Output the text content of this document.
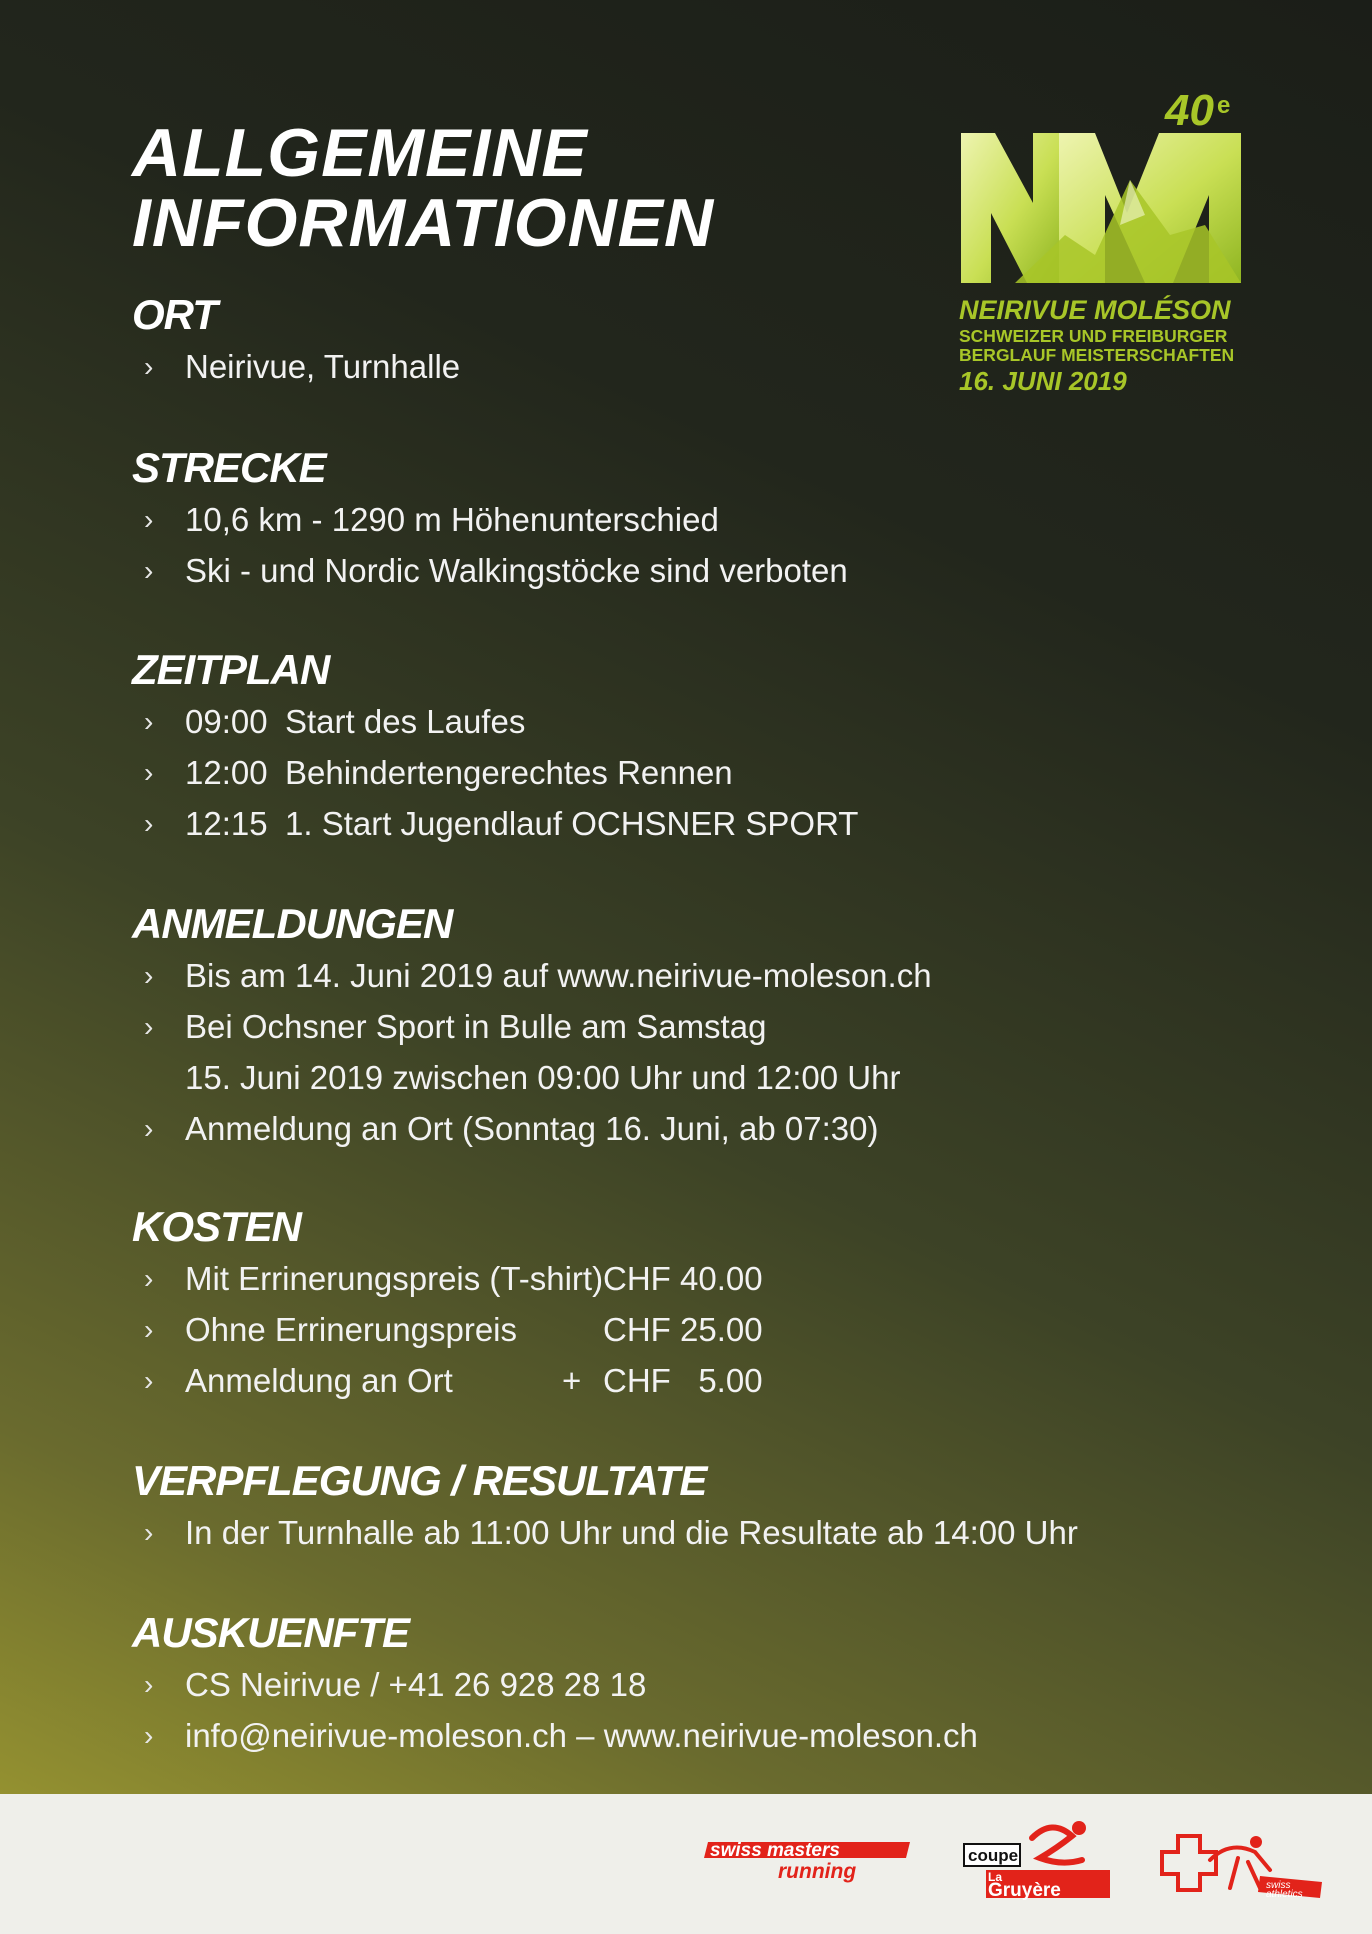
ALLGEMEINE
INFORMATIONEN
40 e
NEIRIVUE MOLÉSON
SCHWEIZER UND FREIBURGER
BERGLAUF MEISTERSCHAFTEN
16. JUNI 2019
ORT
› Neirivue, Turnhalle
STRECKE
› 10,6 km - 1290 m Höhenunterschied
› Ski - und Nordic Walkingstöcke sind verboten
ZEITPLAN
› 09:00 Start des Laufes
› 12:00 Behindertengerechtes Rennen
› 12:15 1. Start Jugendlauf OCHSNER SPORT
ANMELDUNGEN
› Bis am 14. Juni 2019 auf www.neirivue-moleson.ch
› Bei Ochsner Sport in Bulle am Samstag
15. Juni 2019 zwischen 09:00 Uhr und 12:00 Uhr
› Anmeldung an Ort (Sonntag 16. Juni, ab 07:30)
KOSTEN
› Mit Errinerungspreis (T-shirt) CHF 40.00
› Ohne Errinerungspreis	CHF 25.00
› Anmeldung an Ort	+ CHF   5.00
VERPFLEGUNG / RESULTATE
› In der Turnhalle ab 11:00 Uhr und die Resultate ab 14:00 Uhr
AUSKUENFTE
› CS Neirivue / +41 26 928 28 18
› info@neirivue-moleson.ch – www.neirivue-moleson.ch
swiss masters
running
coupe
La
Gruyère	swiss
athletics
